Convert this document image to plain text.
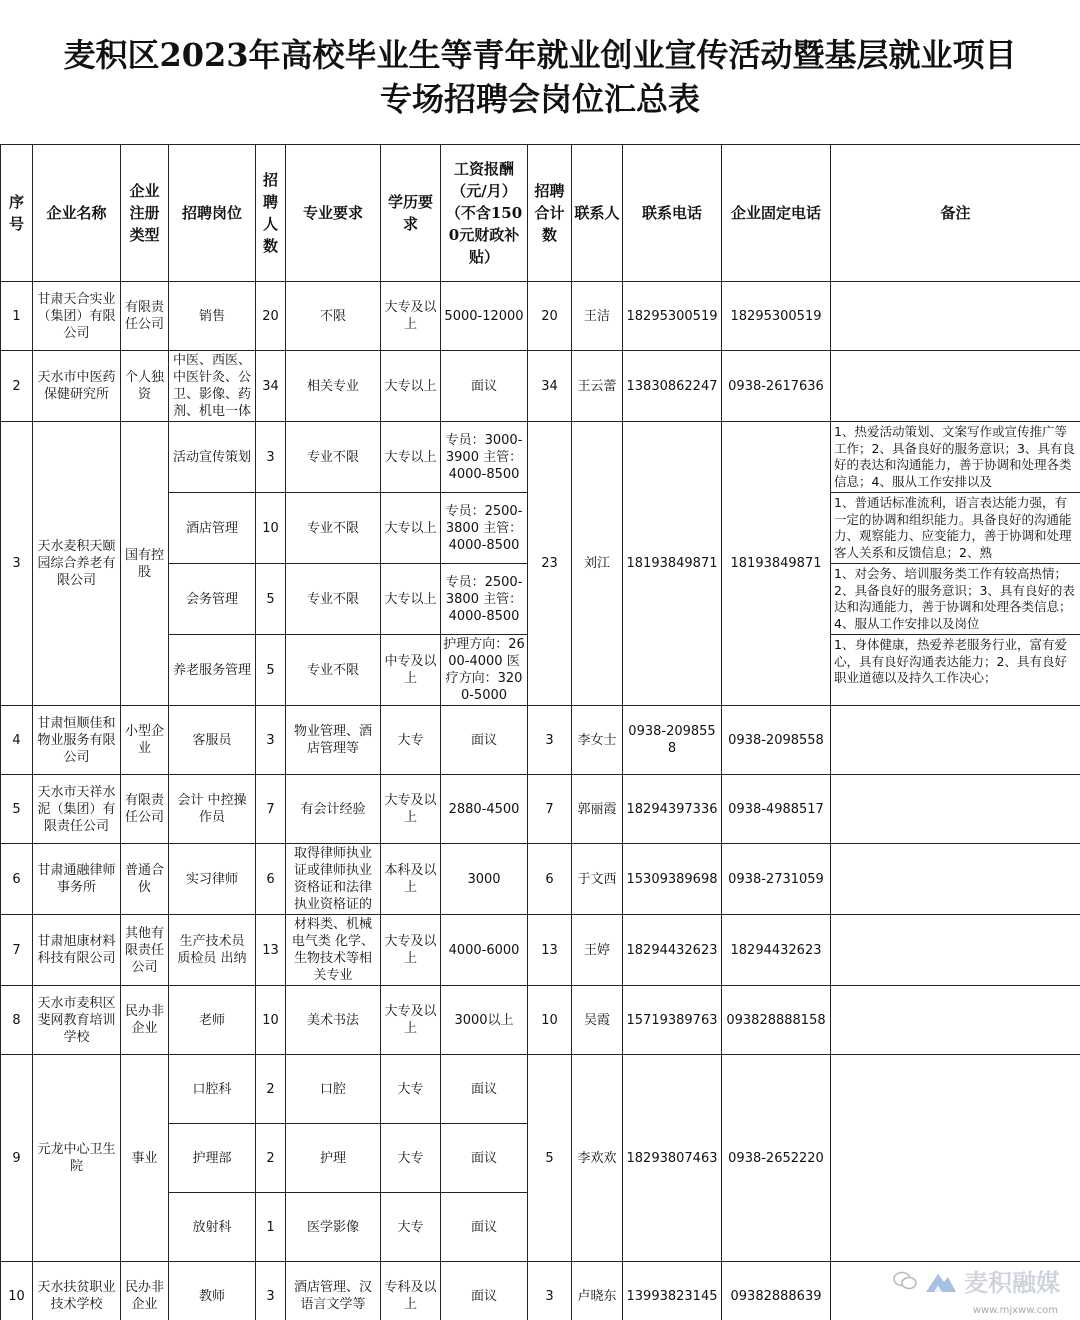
麦积区2023年高校毕业生等青年就业创业宣传活动暨基层就业项目
专场招聘会岗位汇总表
序号	企业名称	企业注册类型	招聘岗位	招聘人数	专业要求	学历要求	工资报酬（元/月）（不含1500元财政补贴）	招聘合计数	联系人	联系电话	企业固定电话	备注
1	甘肃天合实业（集团）有限公司	有限责任公司	销售	20	不限	大专及以上	5000-12000	20	王洁	18295300519	18295300519	
2	天水市中医药保健研究所	个人独资	中医、西医、中医针灸、公卫、影像、药剂、机电一体	34	相关专业	大专以上	面议	34	王云蕾	13830862247	0938-2617636	
3	天水麦积天颐园综合养老有限公司	国有控股	活动宣传策划	3	专业不限	大专以上	专员：3000-3900 主管：4000-8500	23	刘江	18193849871	18193849871	1、热爱活动策划、文案写作或宣传推广等工作；2、具备良好的服务意识；3、具有良好的表达和沟通能力，善于协调和处理各类信息；4、服从工作安排以及
			酒店管理	10	专业不限	大专以上	专员：2500-3800 主管：4000-8500					1、普通话标准流利，语言表达能力强，有一定的协调和组织能力。具备良好的沟通能力、观察能力、应变能力，善于协调和处理客人关系和反馈信息；2、熟
			会务管理	5	专业不限	大专以上	专员：2500-3800 主管：4000-8500					1、对会务、培训服务类工作有较高热情；2、具备良好的服务意识；3、具有良好的表达和沟通能力，善于协调和处理各类信息；4、服从工作安排以及岗位
			养老服务管理	5	专业不限	中专及以上	护理方向：2600-4000 医疗方向：3200-5000					1、身体健康，热爱养老服务行业，富有爱心，具有良好沟通表达能力；2、具有良好职业道德以及持久工作决心；
4	甘肃恒顺佳和物业服务有限公司	小型企业	客服员	3	物业管理、酒店管理等	大专	面议	3	李女士	0938-2098558	0938-2098558	
5	天水市天祥水泥（集团）有限责任公司	有限责任公司	会计 中控操作员	7	有会计经验	大专及以上	2880-4500	7	郭丽霞	18294397336	0938-4988517	
6	甘肃通融律师事务所	普通合伙	实习律师	6	取得律师执业证或律师执业资格证和法律执业资格证的	本科及以上	3000	6	于文西	15309389698	0938-2731059	
7	甘肃旭康材料科技有限公司	其他有限责任公司	生产技术员 质检员 出纳	13	材料类、机械电气类 化学、生物技术等相关专业	大专及以上	4000-6000	13	王婷	18294432623	18294432623	
8	天水市麦积区斐网教育培训学校	民办非企业	老师	10	美术书法	大专及以上	3000以上	10	吴霞	15719389763	093828888158	
9	元龙中心卫生院	事业	口腔科	2	口腔	大专	面议	5	李欢欢	18293807463	0938-2652220	
			护理部	2	护理	大专	面议					
			放射科	1	医学影像	大专	面议					
10	天水扶贫职业技术学校	民办非企业	教师	3	酒店管理、汉语言文学等	专科及以上	面议	3	卢晓东	13993823145	09382888639		麦积融媒
www.mjxww.com
